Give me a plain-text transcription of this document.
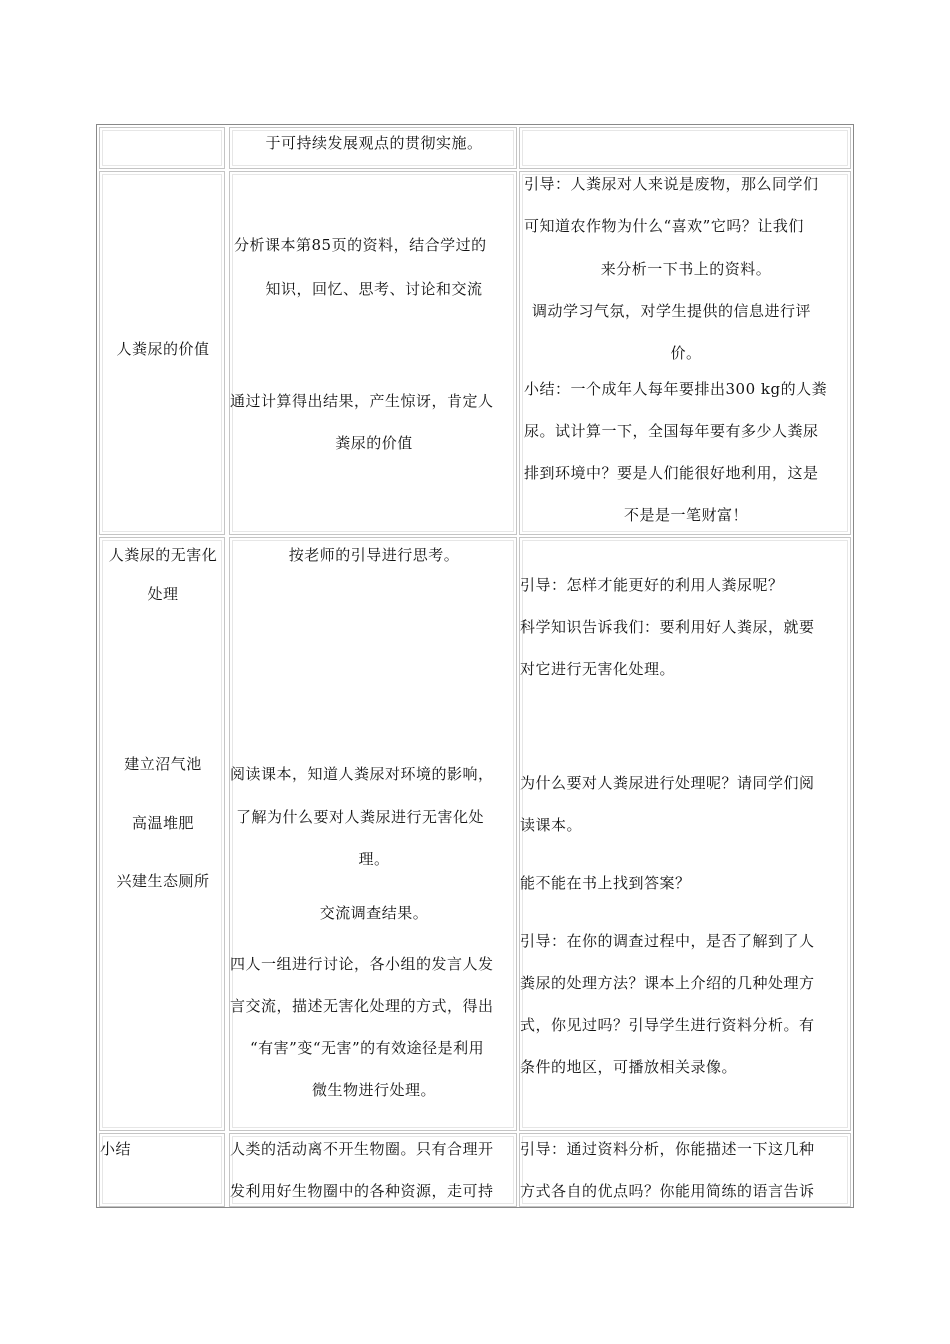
于可持续发展观点的贯彻实施。
人粪尿的价值
分析课本第85页的资料，结合学过的
知识，回忆、思考、讨论和交流
通过计算得出结果，产生惊讶，肯定人
粪尿的价值
引导：人粪尿对人来说是废物，那么同学们
可知道农作物为什么“喜欢”它吗？让我们
来分析一下书上的资料。
调动学习气氛，对学生提供的信息进行评
价。
小结：一个成年人每年要排出300 kg的人粪
尿。试计算一下，全国每年要有多少人粪尿
排到环境中？要是人们能很好地利用，这是
不是是一笔财富！
人粪尿的无害化
处理
建立沼气池
高温堆肥
兴建生态厕所
按老师的引导进行思考。
阅读课本，知道人粪尿对环境的影响，
了解为什么要对人粪尿进行无害化处
理。
交流调查结果。
四人一组进行讨论，各小组的发言人发
言交流，描述无害化处理的方式，得出
“有害”变“无害”的有效途径是利用
微生物进行处理。
引导：怎样才能更好的利用人粪尿呢？
科学知识告诉我们：要利用好人粪尿，就要
对它进行无害化处理。
为什么要对人粪尿进行处理呢？请同学们阅
读课本。
能不能在书上找到答案？
引导：在你的调查过程中，是否了解到了人
粪尿的处理方法？课本上介绍的几种处理方
式，你见过吗？引导学生进行资料分析。有
条件的地区，可播放相关录像。
小结	人类的活动离不开生物圈。只有合理开
发利用好生物圈中的各种资源，走可持
引导：通过资料分析，你能描述一下这几种
方式各自的优点吗？你能用简练的语言告诉
